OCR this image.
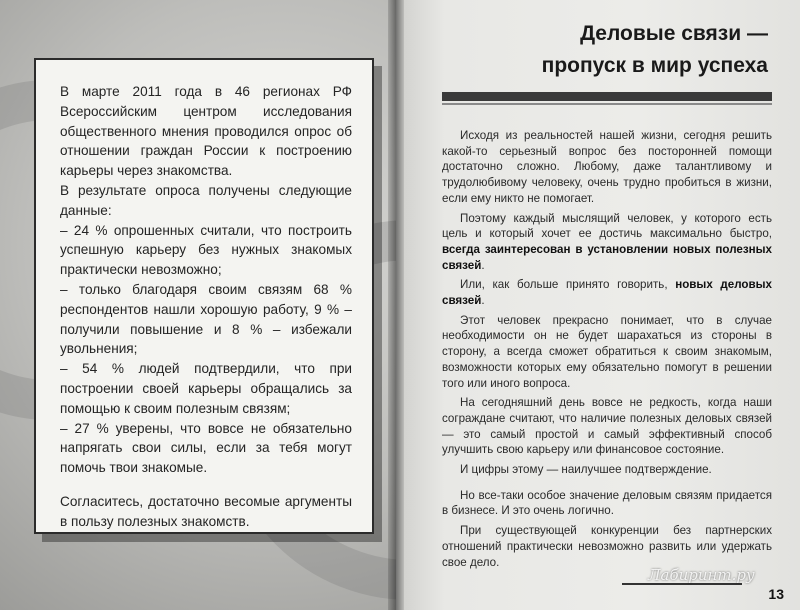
В марте 2011 года в 46 регионах РФ Всероссийским центром исследования общественного мнения проводился опрос об отношении граждан России к построению карьеры через знакомства.

В результате опроса получены следующие данные:

– 24 % опрошенных считали, что построить успешную карьеру без нужных знакомых практически невозможно;

– только благодаря своим связям 68 % респондентов нашли хорошую работу, 9 % – получили повышение и 8 % – избежали увольнения;

– 54 % людей подтвердили, что при построении своей карьеры обращались за помощью к своим полезным связям;

– 27 % уверены, что вовсе не обязательно напрягать свои силы, если за тебя могут помочь твои знакомые.

Согласитесь, достаточно весомые аргументы в пользу полезных знакомств.

Деловые связи —
пропуск в мир успеха

Исходя из реальностей нашей жизни, сегодня решить какой-то серьезный вопрос без посторонней помощи достаточно сложно. Любому, даже талантливому и трудолюбивому человеку, очень трудно пробиться в жизни, если ему никто не помогает.

Поэтому каждый мыслящий человек, у которого есть цель и который хочет ее достичь максимально быстро, всегда заинтересован в установлении новых полезных связей.

Или, как больше принято говорить, новых деловых связей.

Этот человек прекрасно понимает, что в случае необходимости он не будет шарахаться из стороны в сторону, а всегда сможет обратиться к своим знакомым, возможности которых ему обязательно помогут в решении того или иного вопроса.

На сегодняшний день вовсе не редкость, когда наши сограждане считают, что наличие полезных деловых связей — это самый простой и самый эффективный способ улучшить свою карьеру или финансовое состояние.

И цифры этому — наилучшее подтверждение.

Но все-таки особое значение деловым связям придается в бизнесе. И это очень логично.

При существующей конкуренции без партнерских отношений практически невозможно развить или удержать свое дело.

Лабиринт.ру
13
